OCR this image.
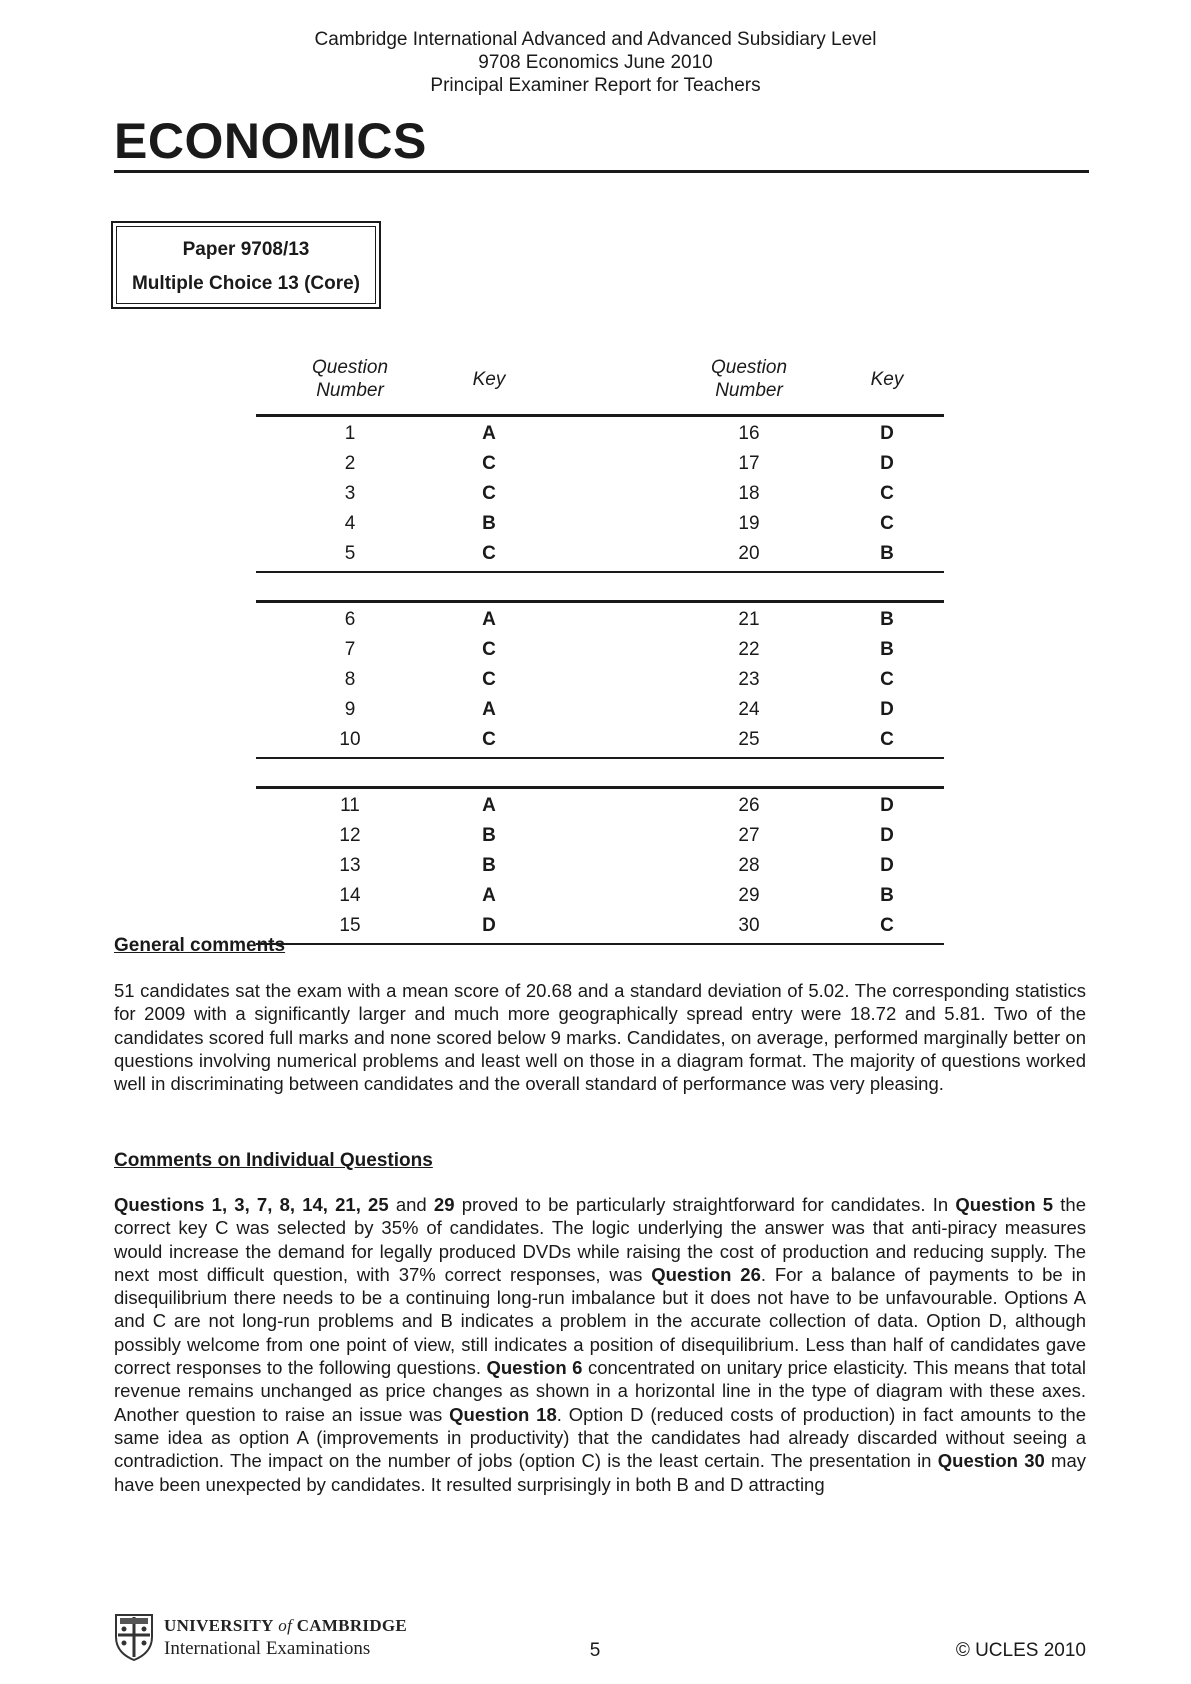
Cambridge International Advanced and Advanced Subsidiary Level
9708 Economics June 2010
Principal Examiner Report for Teachers
ECONOMICS
Paper 9708/13
Multiple Choice 13 (Core)
Question
Number
Key
Question
Number
Key
1	A	16	D
2	C	17	D
3	C	18	C
4	B	19	C
5	C	20	B
6	A	21	B
7	C	22	B
8	C	23	C
9	A	24	D
10	C	25	C
11	A	26	D
12	B	27	D
13	B	28	D
14	A	29	B
15	D	30	C
General comments
51 candidates sat the exam with a mean score of 20.68 and a standard deviation of 5.02. The corresponding statistics for 2009 with a significantly larger and much more geographically spread entry were 18.72 and 5.81. Two of the candidates scored full marks and none scored below 9 marks. Candidates, on average, performed marginally better on questions involving numerical problems and least well on those in a diagram format. The majority of questions worked well in discriminating between candidates and the overall standard of performance was very pleasing.
Comments on Individual Questions
Questions 1, 3, 7, 8, 14, 21, 25 and 29 proved to be particularly straightforward for candidates. In Question 5 the correct key C was selected by 35% of candidates. The logic underlying the answer was that anti-piracy measures would increase the demand for legally produced DVDs while raising the cost of production and reducing supply. The next most difficult question, with 37% correct responses, was Question 26. For a balance of payments to be in disequilibrium there needs to be a continuing long-run imbalance but it does not have to be unfavourable. Options A and C are not long-run problems and B indicates a problem in the accurate collection of data. Option D, although possibly welcome from one point of view, still indicates a position of disequilibrium. Less than half of candidates gave correct responses to the following questions. Question 6 concentrated on unitary price elasticity. This means that total revenue remains unchanged as price changes as shown in a horizontal line in the type of diagram with these axes. Another question to raise an issue was Question 18. Option D (reduced costs of production) in fact amounts to the same idea as option A (improvements in productivity) that the candidates had already discarded without seeing a contradiction. The impact on the number of jobs (option C) is the least certain. The presentation in Question 30 may have been unexpected by candidates. It resulted surprisingly in both B and D attracting
UNIVERSITY of CAMBRIDGE
International Examinations	5	© UCLES 2010
